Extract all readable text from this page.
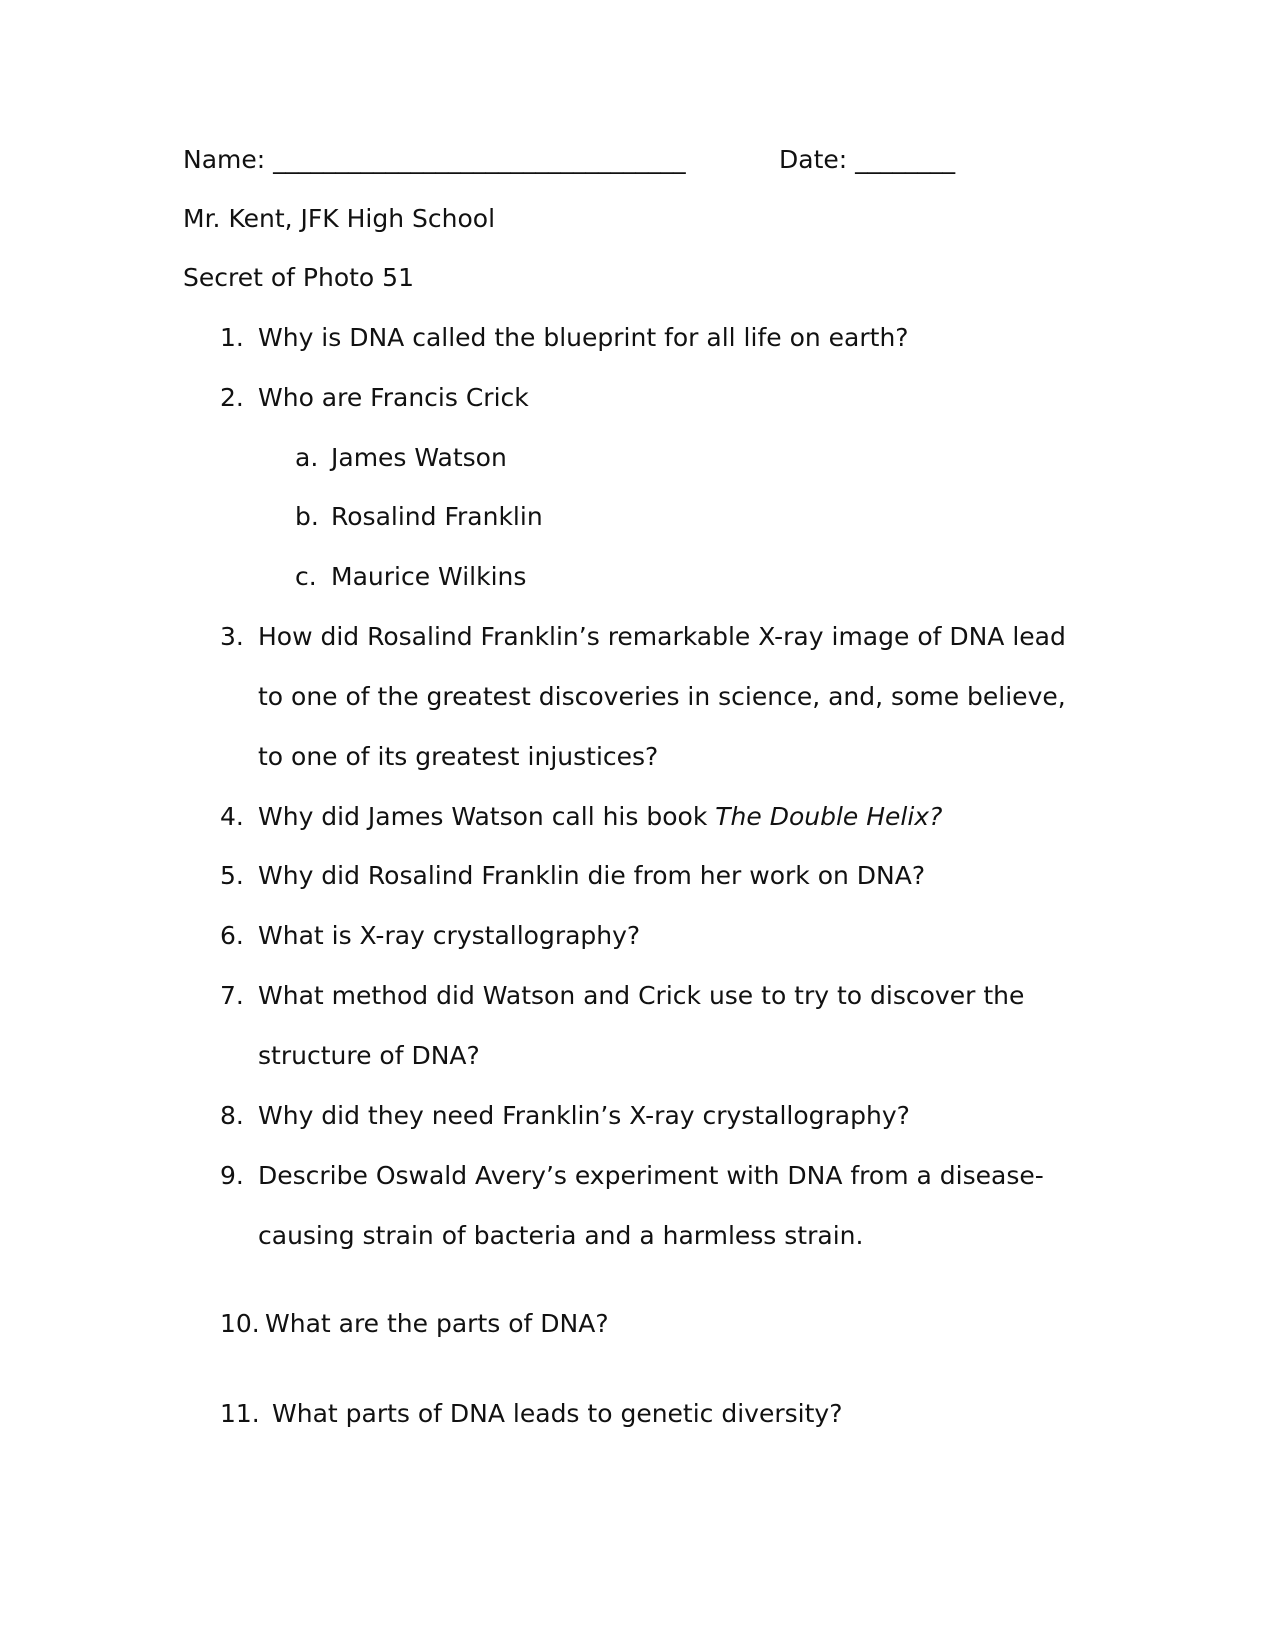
Name: _________________________________	Date: ________
Mr. Kent, JFK High School
Secret of Photo 51
1. Why is DNA called the blueprint for all life on earth?
2. Who are Francis Crick
a. James Watson
b. Rosalind Franklin
c. Maurice Wilkins
3. How did Rosalind Franklin’s remarkable X-ray image of DNA lead
to one of the greatest discoveries in science, and, some believe,
to one of its greatest injustices?
4. Why did James Watson call his book The Double Helix?
5. Why did Rosalind Franklin die from her work on DNA?
6. What is X-ray crystallography?
7. What method did Watson and Crick use to try to discover the
structure of DNA?
8. Why did they need Franklin’s X-ray crystallography?
9. Describe Oswald Avery’s experiment with DNA from a disease-
causing strain of bacteria and a harmless strain.
10. What are the parts of DNA?
11. What parts of DNA leads to genetic diversity?
